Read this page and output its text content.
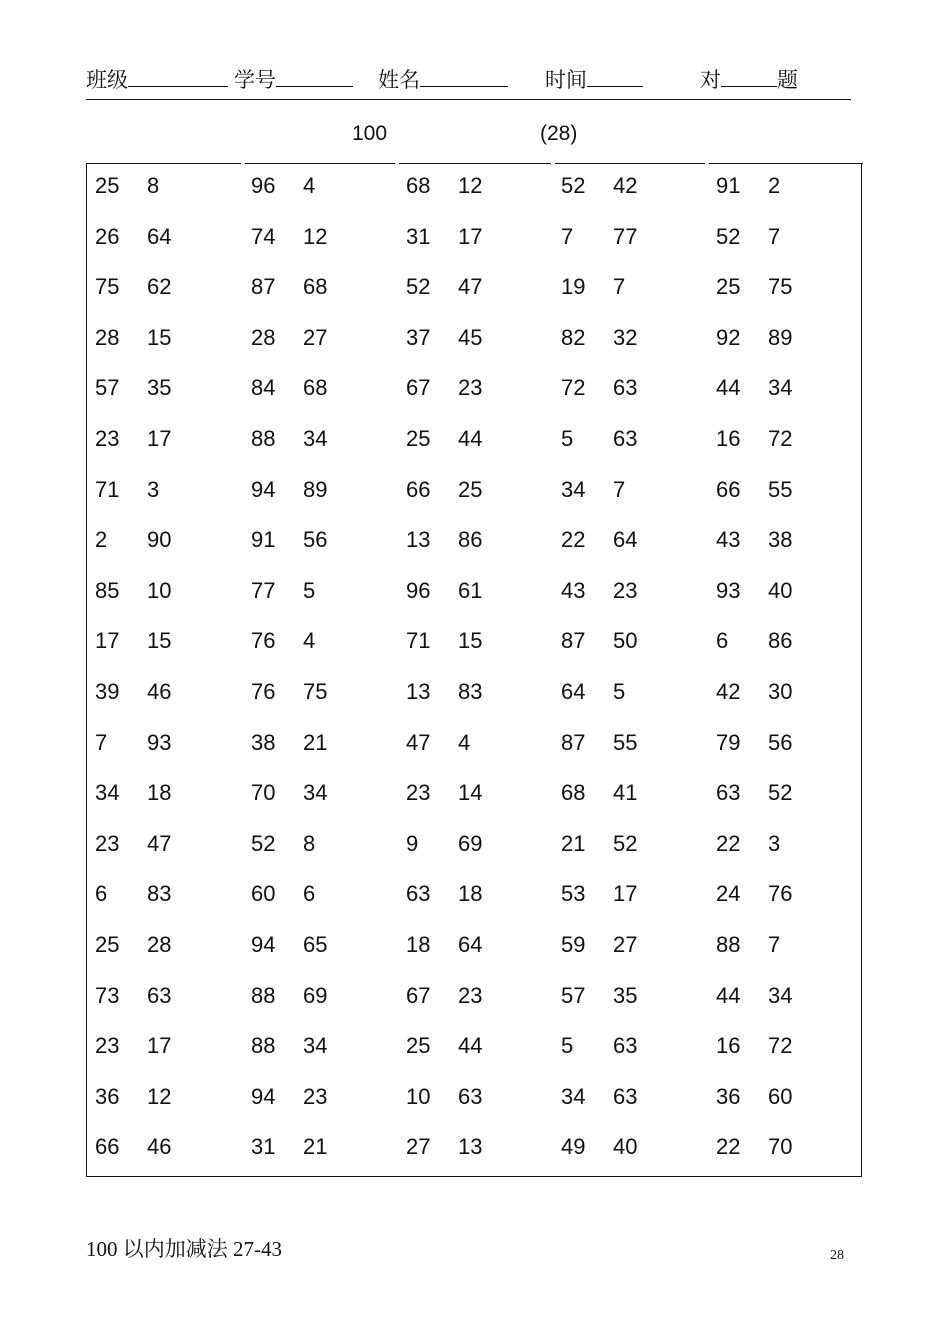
班级	学号	姓名	时间	对	题
100	(28)
25 8	96 4	68 12	52 42	91 2
26 64	74 12	31 17	7 77	52 7
75 62	87 68	52 47	19 7	25 75
28 15	28 27	37 45	82 32	92 89
57 35	84 68	67 23	72 63	44 34
23 17	88 34	25 44	5 63	16 72
71 3	94 89	66 25	34 7	66 55
2 90	91 56	13 86	22 64	43 38
85 10	77 5	96 61	43 23	93 40
17 15	76 4	71 15	87 50	6 86
39 46	76 75	13 83	64 5	42 30
7 93	38 21	47 4	87 55	79 56
34 18	70 34	23 14	68 41	63 52
23 47	52 8	9 69	21 52	22 3
6 83	60 6	63 18	53 17	24 76
25 28	94 65	18 64	59 27	88 7
73 63	88 69	67 23	57 35	44 34
23 17	88 34	25 44	5 63	16 72
36 12	94 23	10 63	34 63	36 60
66 46	31 21	27 13	49 40	22 70
100 以内加减法 27-43	28
